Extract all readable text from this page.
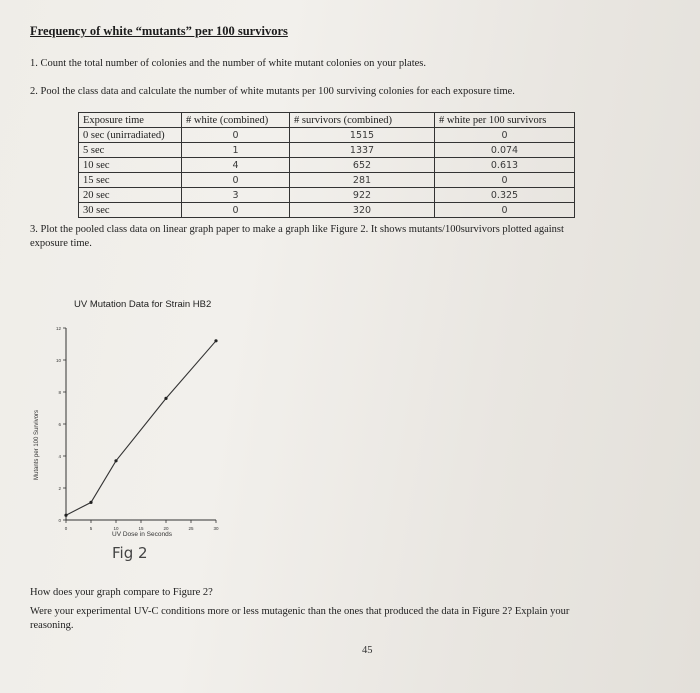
Frequency of white “mutants” per 100 survivors
1. Count the total number of colonies and the number of white mutant colonies on your plates.
2. Pool the class data and calculate the number of white mutants per 100 surviving colonies for each exposure time.
Exposure time	# white (combined)	# survivors (combined)	# white per 100 survivors
0 sec (unirradiated)	0	1515	0
5 sec	1	1337	0.074
10 sec	4	652	0.613
15 sec	0	281	0
20 sec	3	922	0.325
30 sec	0	320	0
3. Plot the pooled class data on linear graph paper to make a graph like Figure 2. It shows mutants/100survivors plotted against
exposure time.
UV Mutation Data for Strain HB2
Mutants per 100 Survivors
UV Dose in Seconds
0
2
4
6
8
10
12
0	5	10	15	20	25	30
Fig 2
How does your graph compare to Figure 2?
Were your experimental UV-C conditions more or less mutagenic than the ones that produced the data in Figure 2? Explain your
reasoning.
45
